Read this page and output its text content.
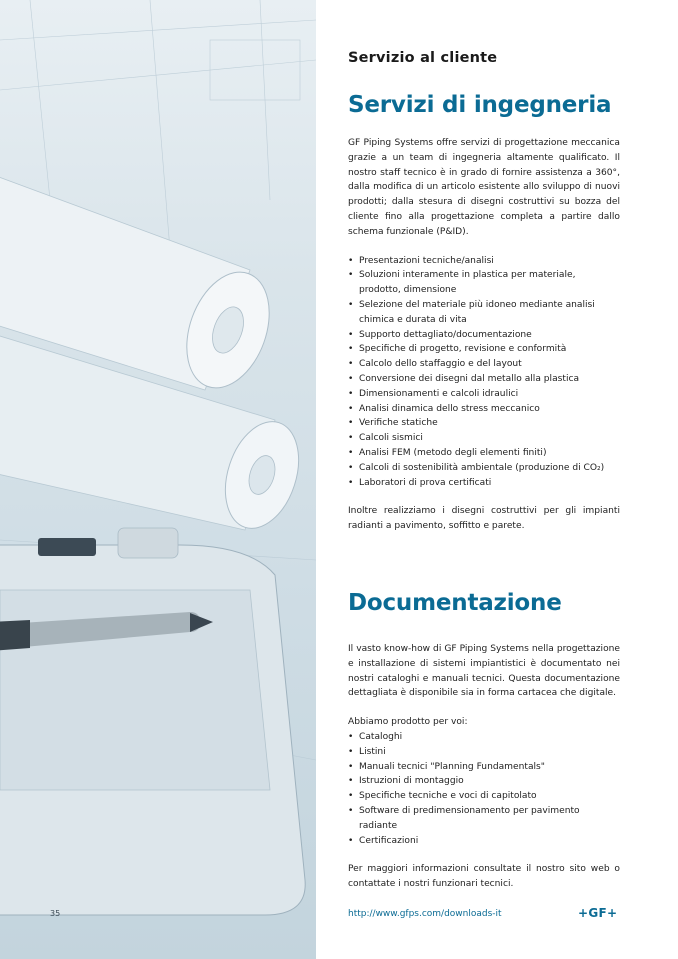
35
Servizio al cliente
Servizi di ingegneria

GF Piping Systems offre servizi di progettazione meccanica grazie a un team di ingegneria altamente qualificato. Il nostro staff tecnico è in grado di fornire assistenza a 360°, dalla modifica di un articolo esistente allo sviluppo di nuovi prodotti; dalla stesura di disegni costruttivi su bozza del cliente fino alla progettazione completa a partire dallo schema funzionale (P&ID).

• Presentazioni tecniche/analisi
• Soluzioni interamente in plastica per materiale, prodotto, dimensione
• Selezione del materiale più idoneo mediante analisi chimica e durata di vita
• Supporto dettagliato/documentazione
• Specifiche di progetto, revisione e conformità
• Calcolo dello staffaggio e del layout
• Conversione dei disegni dal metallo alla plastica
• Dimensionamenti e calcoli idraulici
• Analisi dinamica dello stress meccanico
• Verifiche statiche
• Calcoli sismici
• Analisi FEM (metodo degli elementi finiti)
• Calcoli di sostenibilità ambientale (produzione di CO₂)
• Laboratori di prova certificati

Inoltre realizziamo i disegni costruttivi per gli impianti radianti a pavimento, soffitto e parete.

Documentazione

Il vasto know-how di GF Piping Systems nella progettazione e installazione di sistemi impiantistici è documentato nei nostri cataloghi e manuali tecnici. Questa documentazione dettagliata è disponibile sia in forma cartacea che digitale.

Abbiamo prodotto per voi:

• Cataloghi
• Listini
• Manuali tecnici "Planning Fundamentals"
• Istruzioni di montaggio
• Specifiche tecniche e voci di capitolato
• Software di predimensionamento per pavimento radiante
• Certificazioni

Per maggiori informazioni consultate il nostro sito web o contattate i nostri funzionari tecnici.

http://www.gfps.com/downloads-it	+GF+
